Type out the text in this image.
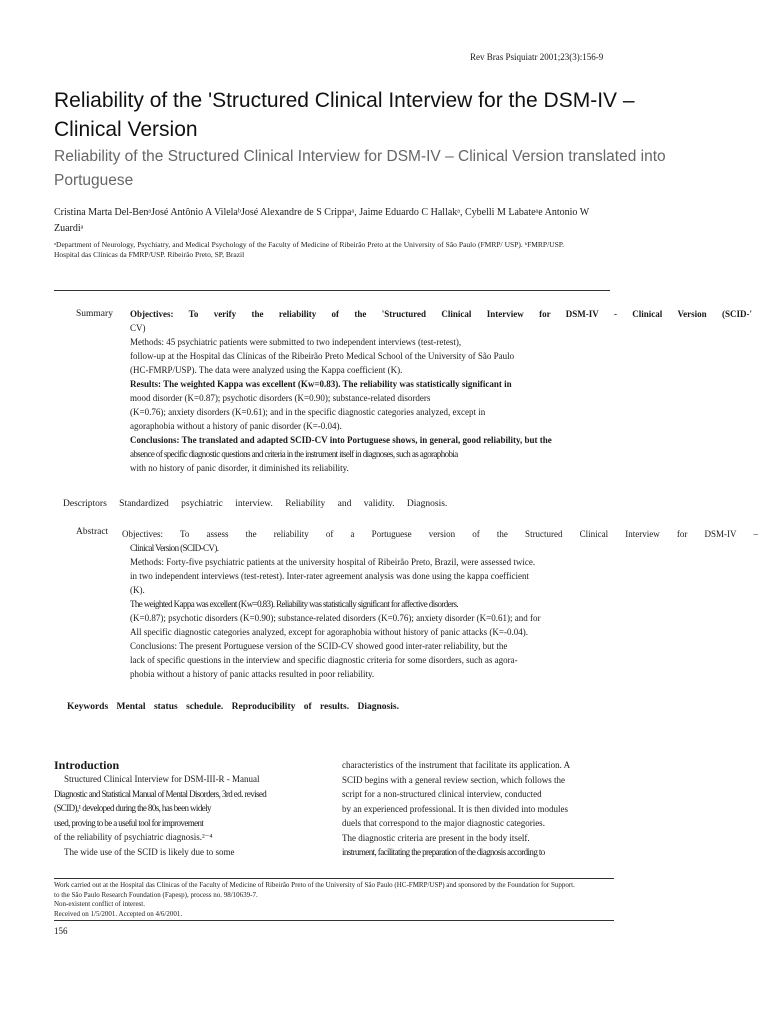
Rev Bras Psiquiatr 2001;23(3):156-9
Reliability of the 'Structured Clinical Interview for the DSM-IV – Clinical Version
Reliability of the Structured Clinical Interview for DSM-IV – Clinical Version translated into Portuguese
Cristina Marta Del-BenᵃJosé Antônio A VilelaᵇJosé Alexandre de S Crippaᵃ, Jaime Eduardo C Hallakᵃ, Cybelli M Labateᵃe Antonio W Zuardiᵃ
ᵃDepartment of Neurology, Psychiatry, and Medical Psychology of the Faculty of Medicine of Ribeirão Preto at the University of São Paulo (FMRP/ USP). ᵇFMRP/USP. Hospital das Clínicas da FMRP/USP. Ribeirão Preto, SP, Brazil
Summary Objectives: To verify the reliability of the 'Structured Clinical Interview for DSM-IV - Clinical Version (SCID-'
CV)
Methods: 45 psychiatric patients were submitted to two independent interviews (test-retest),
follow-up at the Hospital das Clínicas of the Ribeirão Preto Medical School of the University of São Paulo
(HC-FMRP/USP). The data were analyzed using the Kappa coefficient (K).
Results: The weighted Kappa was excellent (Kw=0.83). The reliability was statistically significant in
mood disorder (K=0.87); psychotic disorders (K=0.90); substance-related disorders
(K=0.76); anxiety disorders (K=0.61); and in the specific diagnostic categories analyzed, except in
agoraphobia without a history of panic disorder (K=-0.04).
Conclusions: The translated and adapted SCID-CV into Portuguese shows, in general, good reliability, but the
absence of specific diagnostic questions and criteria in the instrument itself in diagnoses, such as agoraphobia
with no history of panic disorder, it diminished its reliability.
Descriptors Standardized psychiatric interview. Reliability and validity. Diagnosis.
Abstract Objectives: To assess the reliability of a Portuguese version of the Structured Clinical Interview for DSM-IV –
Clinical Version (SCID-CV).
Methods: Forty-five psychiatric patients at the university hospital of Ribeirão Preto, Brazil, were assessed twice.
in two independent interviews (test-retest). Inter-rater agreement analysis was done using the kappa coefficient
(K).
The weighted Kappa was excellent (Kw=0.83). Reliability was statistically significant for affective disorders.
(K=0.87); psychotic disorders (K=0.90); substance-related disorders (K=0.76); anxiety disorder (K=0.61); and for
All specific diagnostic categories analyzed, except for agoraphobia without history of panic attacks (K=-0.04).
Conclusions: The present Portuguese version of the SCID-CV showed good inter-rater reliability, but the
lack of specific questions in the interview and specific diagnostic criteria for some disorders, such as agora-
phobia without a history of panic attacks resulted in poor reliability.
Keywords Mental status schedule. Reproducibility of results. Diagnosis.
Introduction
Structured Clinical Interview for DSM-III-R - Manual
Diagnostic and Statistical Manual of Mental Disorders, 3rd ed. revised
(SCID),¹ developed during the 80s, has been widely
used, proving to be a useful tool for improvement
of the reliability of psychiatric diagnosis.²⁻⁴
The wide use of the SCID is likely due to some
characteristics of the instrument that facilitate its application. A
SCID begins with a general review section, which follows the
script for a non-structured clinical interview, conducted
by an experienced professional. It is then divided into modules
duels that correspond to the major diagnostic categories.
The diagnostic criteria are present in the body itself.
instrument, facilitating the preparation of the diagnosis according to
Work carried out at the Hospital das Clínicas of the Faculty of Medicine of Ribeirão Preto of the University of São Paulo (HC-FMRP/USP) and sponsored by the Foundation for Support.
to the São Paulo Research Foundation (Fapesp), process no. 98/10639-7.
Non-existent conflict of interest.
Received on 1/5/2001. Accepted on 4/6/2001.
156
